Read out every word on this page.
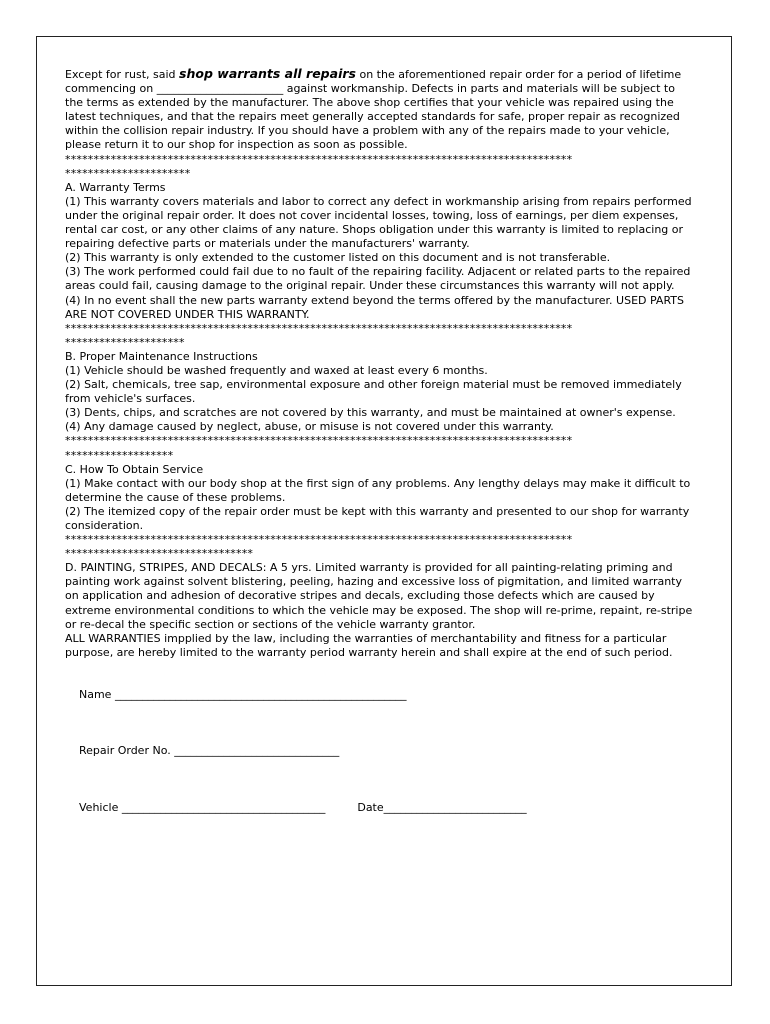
Except for rust, said shop warrants all repairs on the aforementioned repair order for a period of lifetime commencing on _______________________ against workmanship. Defects in parts and materials will be subject to the terms as extended by the manufacturer. The above shop certifies that your vehicle was repaired using the latest techniques, and that the repairs meet generally accepted standards for safe, proper repair as recognized within the collision repair industry. If you should have a problem with any of the repairs made to your vehicle, please return it to our shop for inspection as soon as possible.

*****************************************************************************************

**********************

A. Warranty Terms

(1) This warranty covers materials and labor to correct any defect in workmanship arising from repairs performed under the original repair order. It does not cover incidental losses, towing, loss of earnings, per diem expenses, rental car cost, or any other claims of any nature. Shops obligation under this warranty is limited to replacing or repairing defective parts or materials under the manufacturers' warranty.

(2) This warranty is only extended to the customer listed on this document and is not transferable.

(3) The work performed could fail due to no fault of the repairing facility. Adjacent or related parts to the repaired areas could fail, causing damage to the original repair. Under these circumstances this warranty will not apply.

(4) In no event shall the new parts warranty extend beyond the terms offered by the manufacturer. USED PARTS ARE NOT COVERED UNDER THIS WARRANTY.

*****************************************************************************************

*********************

B. Proper Maintenance Instructions

(1) Vehicle should be washed frequently and waxed at least every 6 months.

(2) Salt, chemicals, tree sap, environmental exposure and other foreign material must be removed immediately from vehicle's surfaces.

(3) Dents, chips, and scratches are not covered by this warranty, and must be maintained at owner's expense.

(4) Any damage caused by neglect, abuse, or misuse is not covered under this warranty.

*****************************************************************************************

*******************

C. How To Obtain Service

(1) Make contact with our body shop at the first sign of any problems. Any lengthy delays may make it difficult to determine the cause of these problems.

(2) The itemized copy of the repair order must be kept with this warranty and presented to our shop for warranty consideration.

*****************************************************************************************

*********************************

D. PAINTING, STRIPES, AND DECALS: A 5 yrs. Limited warranty is provided for all painting-relating priming and painting work against solvent blistering, peeling, hazing and excessive loss of pigmitation, and limited warranty on application and adhesion of decorative stripes and decals, excluding those defects which are caused by extreme environmental conditions to which the vehicle may be exposed. The shop will re-prime, repaint, re-stripe or re-decal the specific section or sections of the vehicle warranty grantor.

ALL WARRANTIES impplied by the law, including the warranties of merchantability and fitness for a particular purpose, are hereby limited to the warranty period warranty herein and shall expire at the end of such period.

Name _____________________________________________________

Repair Order No. ______________________________

Vehicle _____________________________________	Date__________________________
